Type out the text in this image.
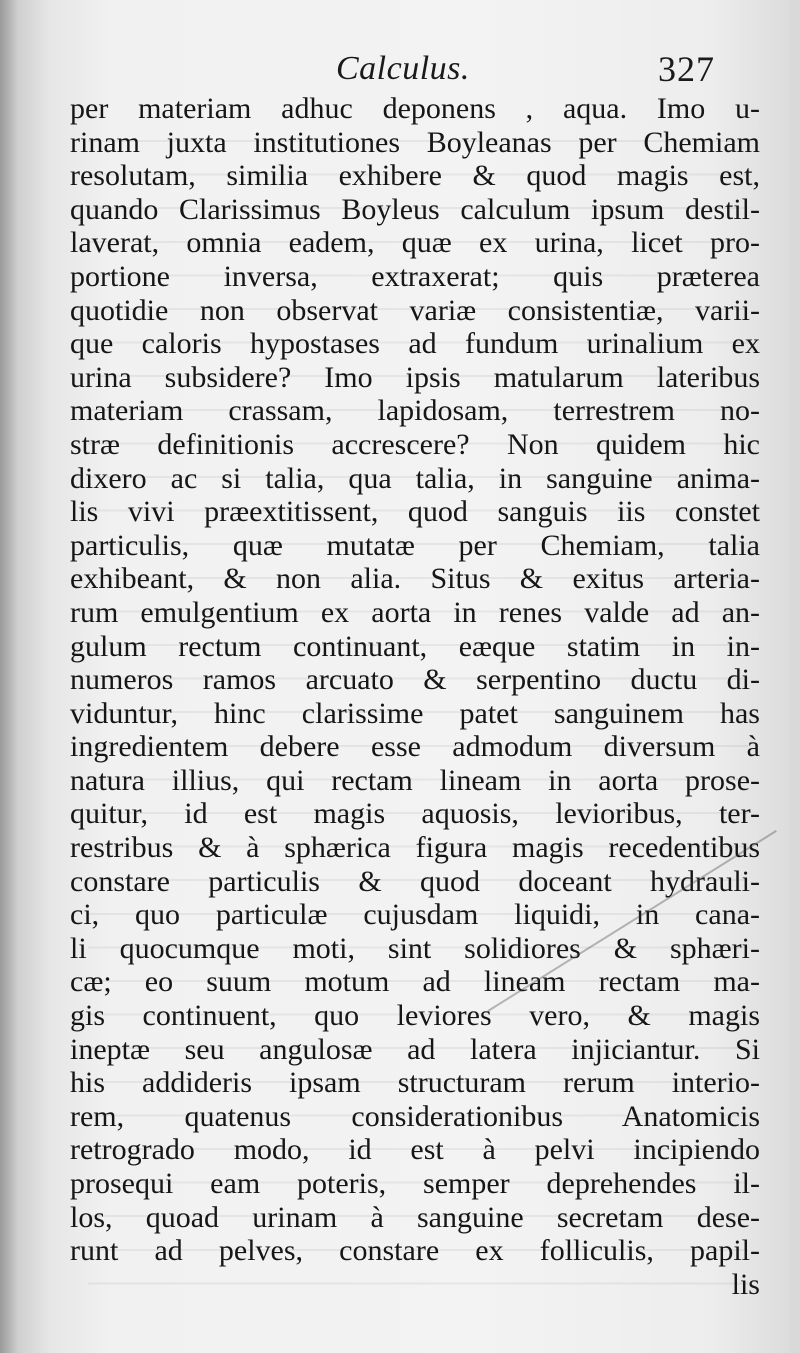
Calculus.	327
per materiam adhuc deponens , aqua. Imo u-
rinam juxta institutiones Boyleanas per Chemiam
resolutam, similia exhibere & quod magis est,
quando Clarissimus Boyleus calculum ipsum destil-
laverat, omnia eadem, quæ ex urina, licet pro-
portione inversa, extraxerat; quis præterea
quotidie non observat variæ consistentiæ, varii-
que caloris hypostases ad fundum urinalium ex
urina subsidere? Imo ipsis matularum lateribus
materiam crassam, lapidosam, terrestrem no-
stræ definitionis accrescere? Non quidem hic
dixero ac si talia, qua talia, in sanguine anima-
lis vivi præextitissent, quod sanguis iis constet
particulis, quæ mutatæ per Chemiam, talia
exhibeant, & non alia. Situs & exitus arteria-
rum emulgentium ex aorta in renes valde ad an-
gulum rectum continuant, eæque statim in in-
numeros ramos arcuato & serpentino ductu di-
viduntur, hinc clarissime patet sanguinem has
ingredientem debere esse admodum diversum à
natura illius, qui rectam lineam in aorta prose-
quitur, id est magis aquosis, levioribus, ter-
restribus & à sphærica figura magis recedentibus
constare particulis & quod doceant hydrauli-
ci, quo particulæ cujusdam liquidi, in cana-
li quocumque moti, sint solidiores & sphæri-
cæ; eo suum motum ad lineam rectam ma-
gis continuent, quo leviores vero, & magis
ineptæ seu angulosæ ad latera injiciantur. Si
his addideris ipsam structuram rerum interio-
rem, quatenus considerationibus Anatomicis
retrogrado modo, id est à pelvi incipiendo
prosequi eam poteris, semper deprehendes il-
los, quoad urinam à sanguine secretam dese-
runt ad pelves, constare ex folliculis, papil-
lis
